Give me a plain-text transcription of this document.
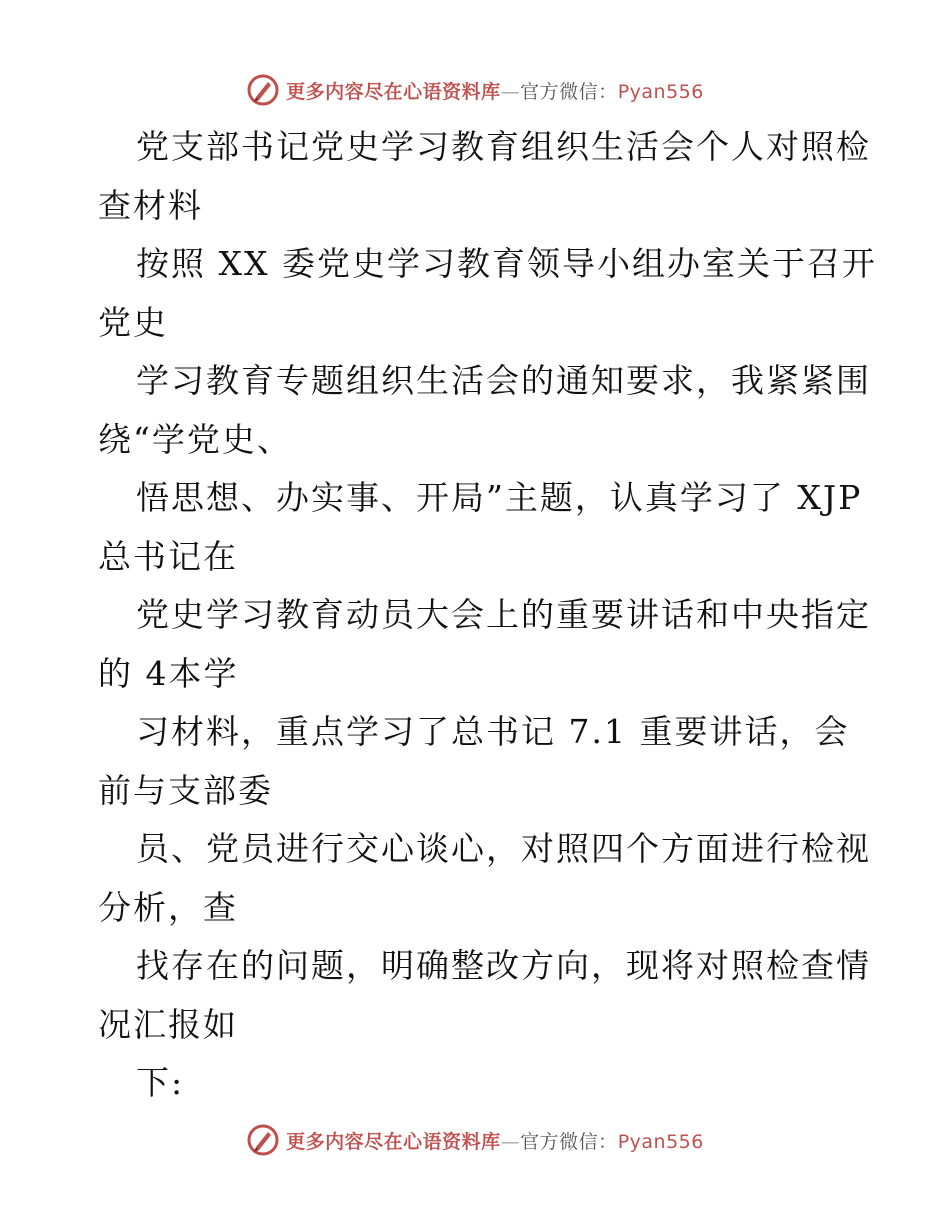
更多内容尽在心语资料库—官方微信：Pyan556
党支部书记党史学习教育组织生活会个人对照检
查材料
按照 XX 委党史学习教育领导小组办室关于召开
党史
学习教育专题组织生活会的通知要求，我紧紧围
绕“学党史、
悟思想、办实事、开局”主题，认真学习了 XJP
总书记在
党史学习教育动员大会上的重要讲话和中央指定
的 4本学
习材料，重点学习了总书记 7.1 重要讲话，会
前与支部委
员、党员进行交心谈心，对照四个方面进行检视
分析，查
找存在的问题，明确整改方向，现将对照检查情
况汇报如
下:
更多内容尽在心语资料库—官方微信：Pyan556
